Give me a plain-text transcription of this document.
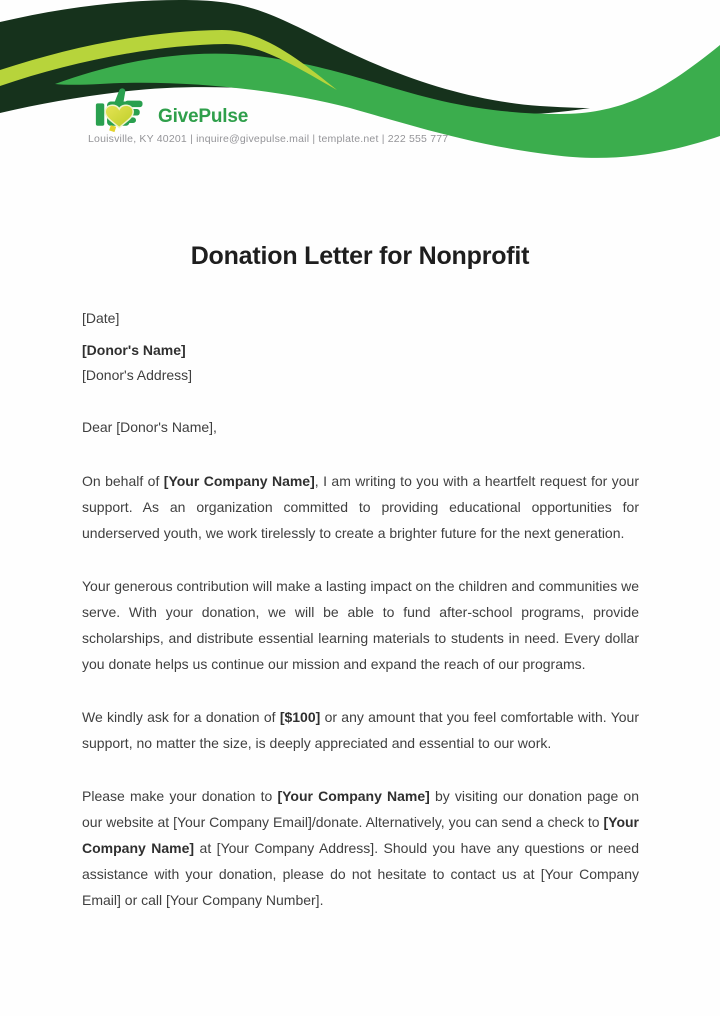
GivePulse
Louisville, KY 40201 | inquire@givepulse.mail | template.net | 222 555 777
Donation Letter for Nonprofit

[Date]

[Donor's Name]

[Donor's Address]

Dear [Donor's Name],

On behalf of [Your Company Name], I am writing to you with a heartfelt request for your support. As an organization committed to providing educational opportunities for underserved youth, we work tirelessly to create a brighter future for the next generation.

Your generous contribution will make a lasting impact on the children and communities we serve. With your donation, we will be able to fund after-school programs, provide scholarships, and distribute essential learning materials to students in need. Every dollar you donate helps us continue our mission and expand the reach of our programs.

We kindly ask for a donation of [$100] or any amount that you feel comfortable with. Your support, no matter the size, is deeply appreciated and essential to our work.

Please make your donation to [Your Company Name] by visiting our donation page on our website at [Your Company Email]/donate. Alternatively, you can send a check to [Your Company Name] at [Your Company Address]. Should you have any questions or need assistance with your donation, please do not hesitate to contact us at [Your Company Email] or call [Your Company Number].
